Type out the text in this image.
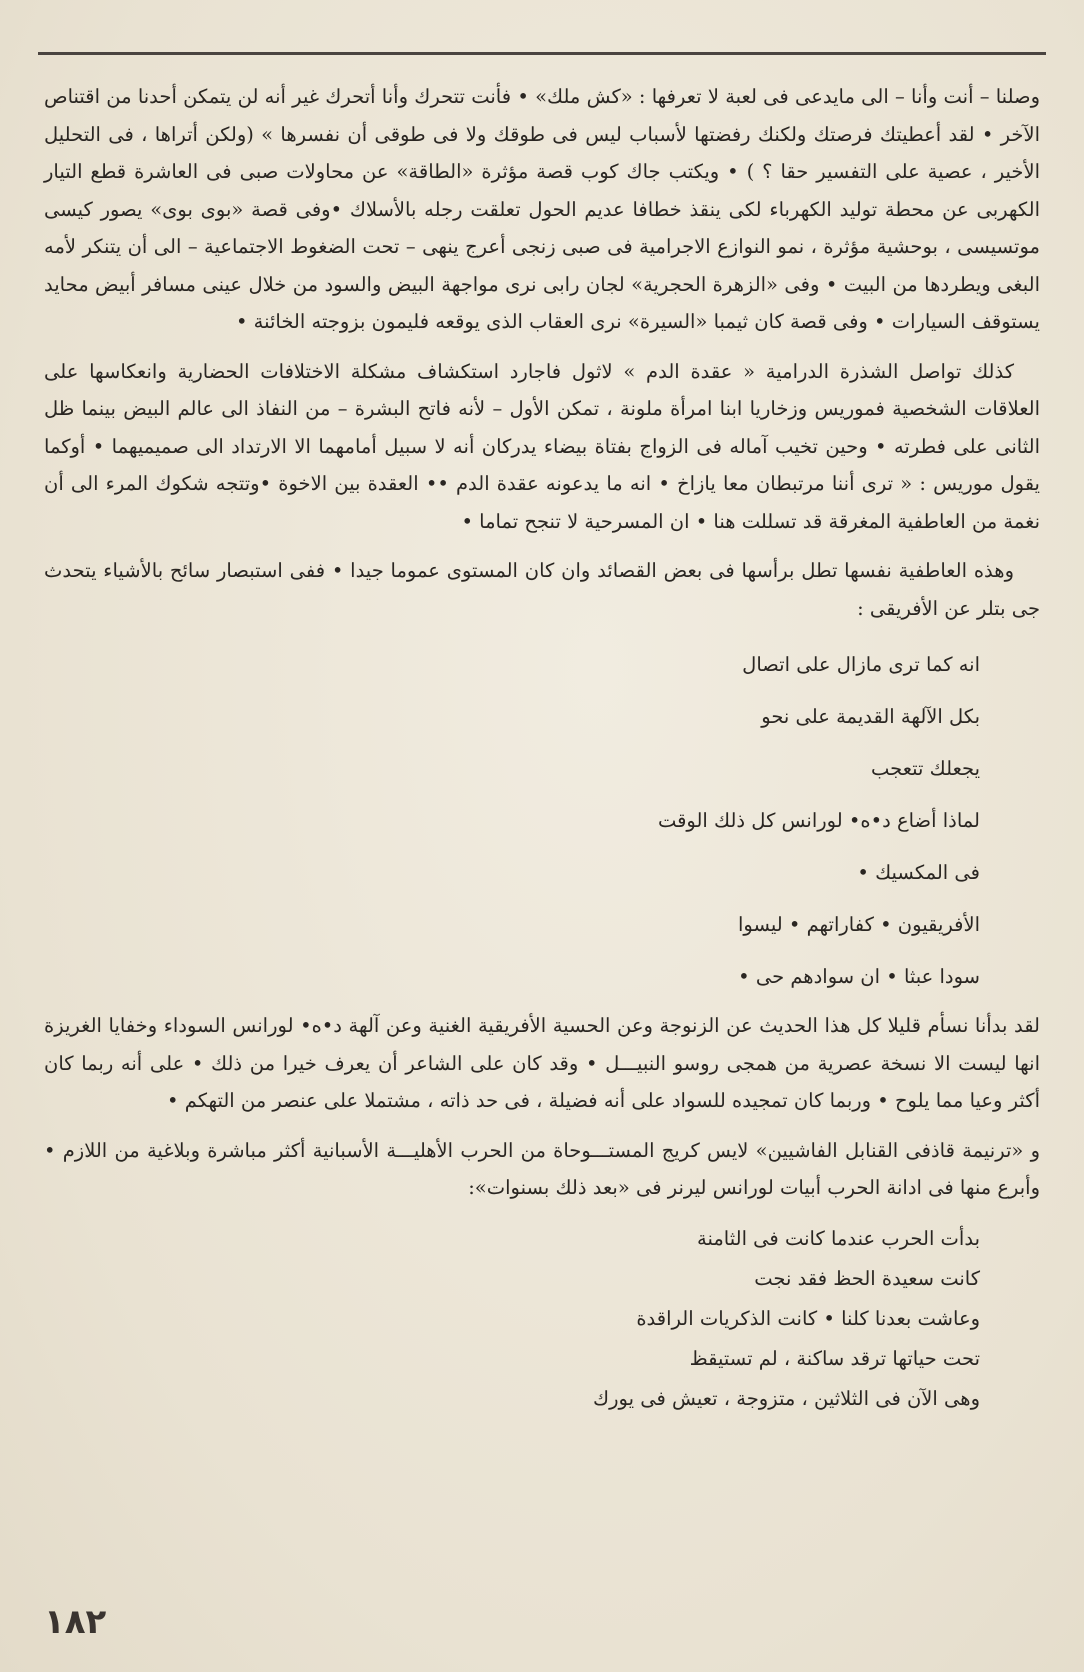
وصلنا – أنت وأنا – الى مايدعى فى لعبة لا تعرفها : «كش ملك» • فأنت تتحرك وأنا أتحرك غير أنه لن يتمكن أحدنا من اقتناص الآخر • لقد أعطيتك فرصتك ولكنك رفضتها لأسباب ليس فى طوقك ولا فى طوقى أن نفسرها » (ولكن أتراها ، فى التحليل الأخير ، عصية على التفسير حقا ؟ ) • ويكتب جاك كوب قصة مؤثرة «الطاقة» عن محاولات صبى فى العاشرة قطع التيار الكهربى عن محطة توليد الكهرباء لكى ينقذ خطافا عديم الحول تعلقت رجله بالأسلاك •وفى قصة «بوى بوى» يصور كيسى موتسيسى ، بوحشية مؤثرة ، نمو النوازع الاجرامية فى صبى زنجى أعرج ينهى – تحت الضغوط الاجتماعية – الى أن يتنكر لأمه البغى ويطردها من البيت • وفى «الزهرة الحجرية» لجان رابى نرى مواجهة البيض والسود من خلال عينى مسافر أبيض محايد يستوقف السيارات • وفى قصة كان ثيمبا «السيرة» نرى العقاب الذى يوقعه فليمون بزوجته الخائنة •

كذلك تواصل الشذرة الدرامية « عقدة الدم » لاثول فاجارد استكشاف مشكلة الاختلافات الحضارية وانعكاسها على العلاقات الشخصية فموريس وزخاريا ابنا امرأة ملونة ، تمكن الأول – لأنه فاتح البشرة – من النفاذ الى عالم البيض بينما ظل الثانى على فطرته • وحين تخيب آماله فى الزواج بفتاة بيضاء يدركان أنه لا سبيل أمامهما الا الارتداد الى صميميهما • أوكما يقول موريس : « ترى أننا مرتبطان معا يازاخ • انه ما يدعونه عقدة الدم •• العقدة بين الاخوة •وتتجه شكوك المرء الى أن نغمة من العاطفية المغرقة قد تسللت هنا • ان المسرحية لا تنجح تماما •

وهذه العاطفية نفسها تطل برأسها فى بعض القصائد وان كان المستوى عموما جيدا • ففى استبصار سائح بالأشياء يتحدث جى بتلر عن الأفريقى :

انه كما ترى مازال على اتصال
بكل الآلهة القديمة على نحو
يجعلك تتعجب
لماذا أضاع د•ه• لورانس كل ذلك الوقت
فى المكسيك •
الأفريقيون • كفاراتهم • ليسوا
سودا عبثا • ان سوادهم حى •

لقد بدأنا نسأم قليلا كل هذا الحديث عن الزنوجة وعن الحسية الأفريقية الغنية وعن آلهة د•ه• لورانس السوداء وخفايا الغريزة انها ليست الا نسخة عصرية من همجى روسو النبيـــل • وقد كان على الشاعر أن يعرف خيرا من ذلك • على أنه ربما كان أكثر وعيا مما يلوح • وربما كان تمجيده للسواد على أنه فضيلة ، فى حد ذاته ، مشتملا على عنصر من التهكم •

و «ترنيمة قاذفى القنابل الفاشيين» لايس كريج المستـــوحاة من الحرب الأهليـــة الأسبانية أكثر مباشرة وبلاغية من اللازم • وأبرع منها فى ادانة الحرب أبيات لورانس ليرنر فى «بعد ذلك بسنوات»:

بدأت الحرب عندما كانت فى الثامنة
كانت سعيدة الحظ فقد نجت
وعاشت بعدنا كلنا • كانت الذكريات الراقدة
تحت حياتها ترقد ساكنة ، لم تستيقظ
وهى الآن فى الثلاثين ، متزوجة ، تعيش فى يورك
١٨٢
